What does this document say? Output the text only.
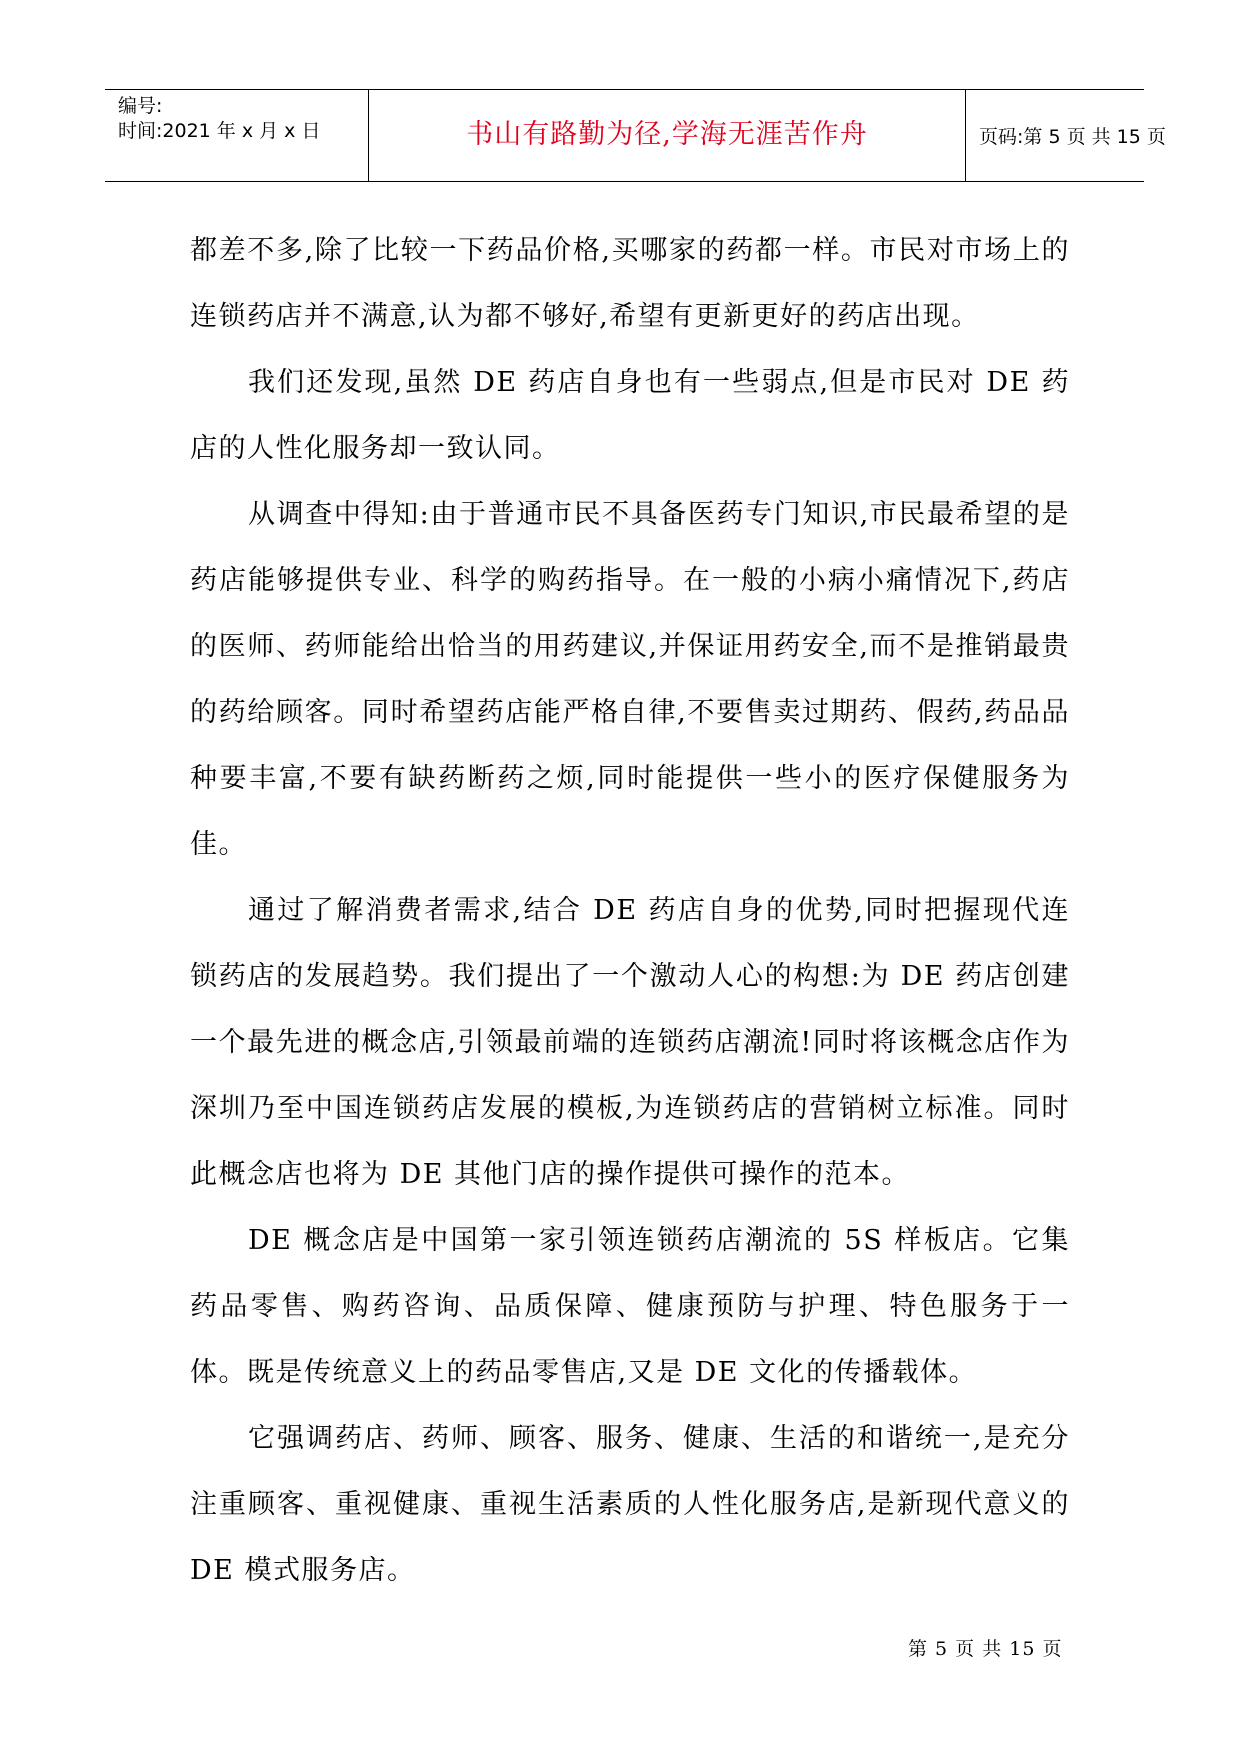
编号:
时间:2021 年 x 月 x 日	书山有路勤为径,学海无涯苦作舟	页码:第 5 页 共 15 页

都差不多,除了比较一下药品价格,买哪家的药都一样。市民对市场上的连锁药店并不满意,认为都不够好,希望有更新更好的药店出现。

我们还发现,虽然 DE 药店自身也有一些弱点,但是市民对 DE 药店的人性化服务却一致认同。

从调查中得知:由于普通市民不具备医药专门知识,市民最希望的是药店能够提供专业、科学的购药指导。在一般的小病小痛情况下,药店的医师、药师能给出恰当的用药建议,并保证用药安全,而不是推销最贵的药给顾客。同时希望药店能严格自律,不要售卖过期药、假药,药品品种要丰富,不要有缺药断药之烦,同时能提供一些小的医疗保健服务为佳。

通过了解消费者需求,结合 DE 药店自身的优势,同时把握现代连锁药店的发展趋势。我们提出了一个激动人心的构想:为 DE 药店创建一个最先进的概念店,引领最前端的连锁药店潮流!同时将该概念店作为深圳乃至中国连锁药店发展的模板,为连锁药店的营销树立标准。同时此概念店也将为 DE 其他门店的操作提供可操作的范本。

DE 概念店是中国第一家引领连锁药店潮流的 5S 样板店。它集药品零售、购药咨询、品质保障、健康预防与护理、特色服务于一体。既是传统意义上的药品零售店,又是 DE 文化的传播载体。

它强调药店、药师、顾客、服务、健康、生活的和谐统一,是充分注重顾客、重视健康、重视生活素质的人性化服务店,是新现代意义的 DE 模式服务店。

第 5 页 共 15 页
